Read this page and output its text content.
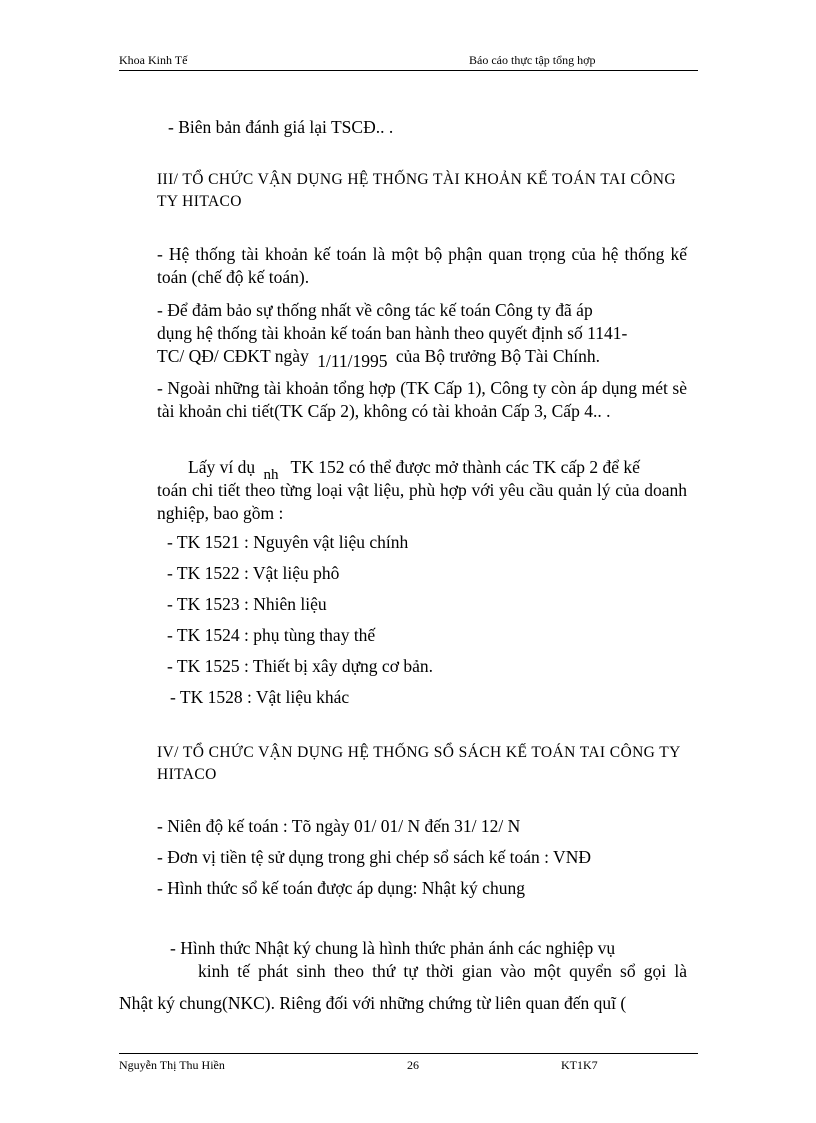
Khoa Kinh Tế	Báo cáo thực tập tổng hợp
- Biên bản đánh giá lại TSCĐ.. .
III/ TỔ CHỨC VẬN DỤNG HỆ THỐNG TÀI KHOẢN KẾ TOÁN TAI CÔNG TY HITACO
- Hệ thống tài khoản kế toán là một bộ phận quan trọng của hệ thống kế toán (chế độ kế toán).
- Để đảm bảo sự thống nhất về công tác kế toán Công ty đã áp
dụng hệ thống tài khoản kế toán ban hành theo quyết định số 1141-
TC/ QĐ/ CĐKT ngày 1/11/1995 của Bộ trưởng Bộ Tài Chính.
- Ngoài những tài khoản tổng hợp (TK Cấp 1), Công ty còn áp dụng mét sè tài khoản chi tiết(TK Cấp 2), không có tài khoản Cấp 3, Cấp 4.. .
Lấy ví dụ nh TK 152 có thể được mở thành các TK cấp 2 để kế
toán chi tiết theo từng loại vật liệu, phù hợp với yêu cầu quản lý của doanh nghiệp, bao gồm :
- TK 1521 : Nguyên vật liệu chính
- TK 1522 : Vật liệu phô
- TK 1523 : Nhiên liệu
- TK 1524 : phụ tùng thay thế
- TK 1525 : Thiết bị xây dựng cơ bản.
- TK 1528 : Vật liệu khác
IV/ TỔ CHỨC VẬN DỤNG HỆ THỐNG SỔ SÁCH KẾ TOÁN TAI CÔNG TY HITACO
- Niên độ kế toán : Tõ ngày 01/ 01/ N đến 31/ 12/ N
- Đơn vị tiền tệ sử dụng trong ghi chép sổ sách kế toán : VNĐ
- Hình thức sổ kế toán được áp dụng: Nhật ký chung
- Hình thức Nhật ký chung là hình thức phản ánh các nghiệp vụ
kinh tế phát sinh theo thứ tự thời gian vào một quyển sổ gọi là
Nhật ký chung(NKC). Riêng đối với những chứng từ liên quan đến quĩ (
Nguyễn Thị Thu Hiền	26	KT1K7
